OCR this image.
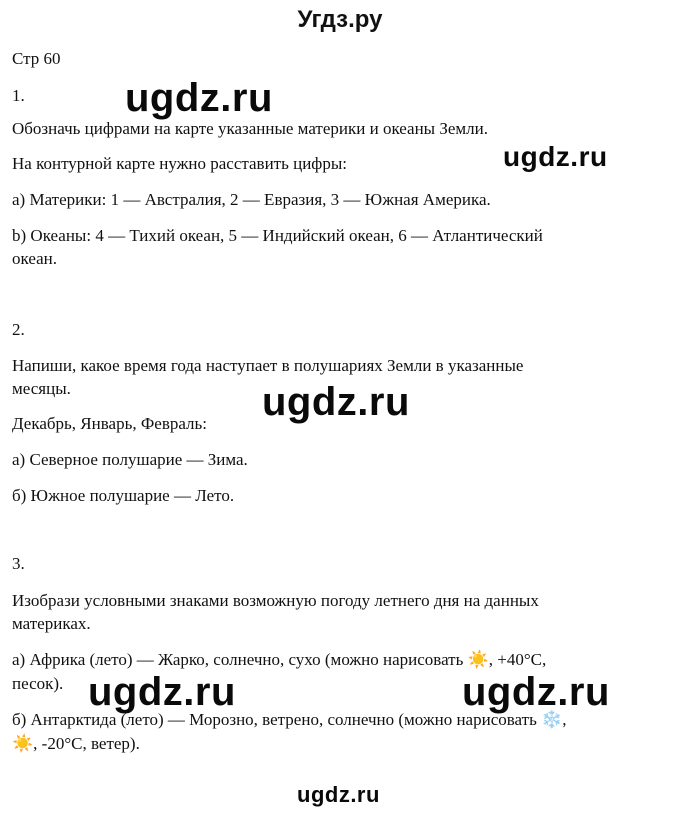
Угдз.ру
Стр 60
1.
Обозначь цифрами на карте указанные материки и океаны Земли.
На контурной карте нужно расставить цифры:
a) Материки: 1 — Австралия, 2 — Евразия, 3 — Южная Америка.
b) Океаны: 4 — Тихий океан, 5 — Индийский океан, 6 — Атлантический
океан.
2.
Напиши, какое время года наступает в полушариях Земли в указанные
месяцы.
Декабрь, Январь, Февраль:
а) Северное полушарие — Зима.
б) Южное полушарие — Лето.
3.
Изобрази условными знаками возможную погоду летнего дня на данных
материках.
а) Африка (лето) — Жарко, солнечно, сухо (можно нарисовать ☀️, +40°C,
песок).
б) Антарктида (лето) — Морозно, ветрено, солнечно (можно нарисовать ❄️,
☀️, -20°C, ветер).
ugdz.ru
ugdz.ru
ugdz.ru
ugdz.ru	ugdz.ru
ugdz.ru
